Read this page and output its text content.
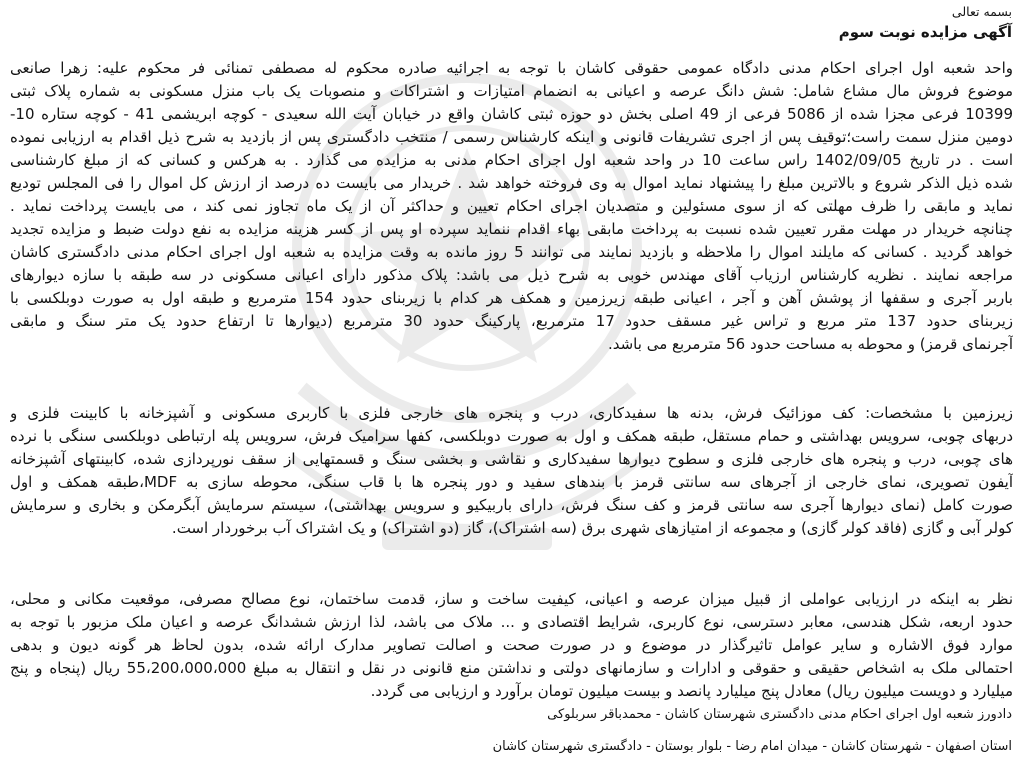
بسمه تعالی
آگهی مزایده نوبت سوم
واحد شعبه اول اجرای احکام مدنی دادگاه عمومی حقوقی کاشان با توجه به اجرائیه صادره محکوم له مصطفی تمنائی فر محکوم علیه: زهرا صانعی
موضوع فروش مال مشاع شامل: شش دانگ عرصه و اعیانی به انضمام امتیازات و اشتراکات و منصوبات یک باب منزل مسکونی به شماره پلاک ثبتی
10399 فرعی مجزا شده از 5086 فرعی از 49 اصلی بخش دو حوزه ثبتی کاشان واقع در خیابان آیت الله سعیدی - کوچه ابریشمی 41 - کوچه ستاره 10-
دومین منزل سمت راست؛توقیف پس از اجری تشریفات قانونی و اینکه کارشناس رسمی / منتخب دادگستری پس از بازدید به شرح ذیل اقدام به ارزیابی نموده
است . در تاریخ 1402/09/05 راس ساعت 10 در واحد شعبه اول اجرای احکام مدنی به مزایده می گذارد . به هرکس و کسانی که از مبلغ کارشناسی
شده ذیل الذکر شروع و بالاترین مبلغ را پیشنهاد نماید اموال به وی فروخته خواهد شد . خریدار می بایست ده درصد از ارزش کل اموال را فی المجلس تودیع
نماید و مابقی را ظرف مهلتی که از سوی مسئولین و متصدیان اجرای احکام تعیین و حداکثر آن از یک ماه تجاوز نمی کند ، می بایست پرداخت نماید .
چنانچه خریدار در مهلت مقرر تعیین شده نسبت به پرداخت مابقی بهاء اقدام ننماید سپرده او پس از کسر هزینه مزایده به نفع دولت ضبط و مزایده تجدید
خواهد گردید . کسانی که مایلند اموال را ملاحظه و بازدید نمایند می توانند 5 روز مانده به وقت مزایده به شعبه اول اجرای احکام مدنی دادگستری کاشان
مراجعه نمایند . نظریه کارشناس ارزیاب آقای مهندس خوبی به شرح ذیل می باشد: پلاک مذکور دارای اعیانی مسکونی در سه طبقه با سازه دیوارهای
باربر آجری و سقفها از پوشش آهن و آجر ، اعیانی طبقه زیرزمین و همکف هر کدام با زیربنای حدود 154 مترمربع و طبقه اول به صورت دوبلکسی با
زیربنای حدود 137 متر مربع و تراس غیر مسقف حدود 17 مترمربع، پارکینگ حدود 30 مترمربع (دیوارها تا ارتفاع حدود یک متر سنگ و مابقی
آجرنمای قرمز) و محوطه به مساحت حدود 56 مترمربع می باشد.
زیرزمین با مشخصات: کف موزائیک فرش، بدنه ها سفیدکاری، درب و پنجره های خارجی فلزی با کاربری مسکونی و آشپزخانه با کابینت فلزی و
دربهای چوبی، سرویس بهداشتی و حمام مستقل، طبقه همکف و اول به صورت دوبلکسی، کفها سرامیک فرش، سرویس پله ارتباطی دوبلکسی سنگی با نرده
های چوبی، درب و پنجره های خارجی فلزی و سطوح دیوارها سفیدکاری و نقاشی و بخشی سنگ و قسمتهایی از سقف نورپردازی شده، کابینتهای آشپزخانه
آیفون تصویری، نمای خارجی از آجرهای سه سانتی قرمز با بندهای سفید و دور پنجره ها با قاب سنگی، محوطه سازی به MDF،طبقه همکف و اول
صورت کامل (نمای دیوارها آجری سه سانتی قرمز و کف سنگ فرش، دارای باربیکیو و سرویس بهداشتی)، سیستم سرمایش آبگرمکن و بخاری و سرمایش
کولر آبی و گازی (فاقد کولر گازی) و مجموعه از امتیازهای شهری برق (سه اشتراک)، گاز (دو اشتراک) و یک اشتراک آب برخوردار است.
نظر به اینکه در ارزیابی عواملی از قبیل میزان عرصه و اعیانی، کیفیت ساخت و ساز، قدمت ساختمان، نوع مصالح مصرفی، موقعیت مکانی و محلی،
حدود اربعه، شکل هندسی، معابر دسترسی، نوع کاربری، شرایط اقتصادی و ... ملاک می باشد، لذا ارزش ششدانگ عرصه و اعیان ملک مزبور با توجه به
موارد فوق الاشاره و سایر عوامل تاثیرگذار در موضوع و در صورت صحت و اصالت تصاویر مدارک ارائه شده، بدون لحاظ هر گونه دیون و بدهی
احتمالی ملک به اشخاص حقیقی و حقوقی و ادارات و سازمانهای دولتی و نداشتن منع قانونی در نقل و انتقال به مبلغ 55،200،000،000 ریال (پنجاه و پنج
میلیارد و دویست میلیون ریال) معادل پنج میلیارد پانصد و بیست میلیون تومان برآورد و ارزیابی می گردد.
دادورز شعبه اول اجرای احکام مدنی دادگستری شهرستان کاشان - محمدباقر سربلوکی
استان اصفهان - شهرستان کاشان - میدان امام رضا - بلوار بوستان - دادگستری شهرستان کاشان
